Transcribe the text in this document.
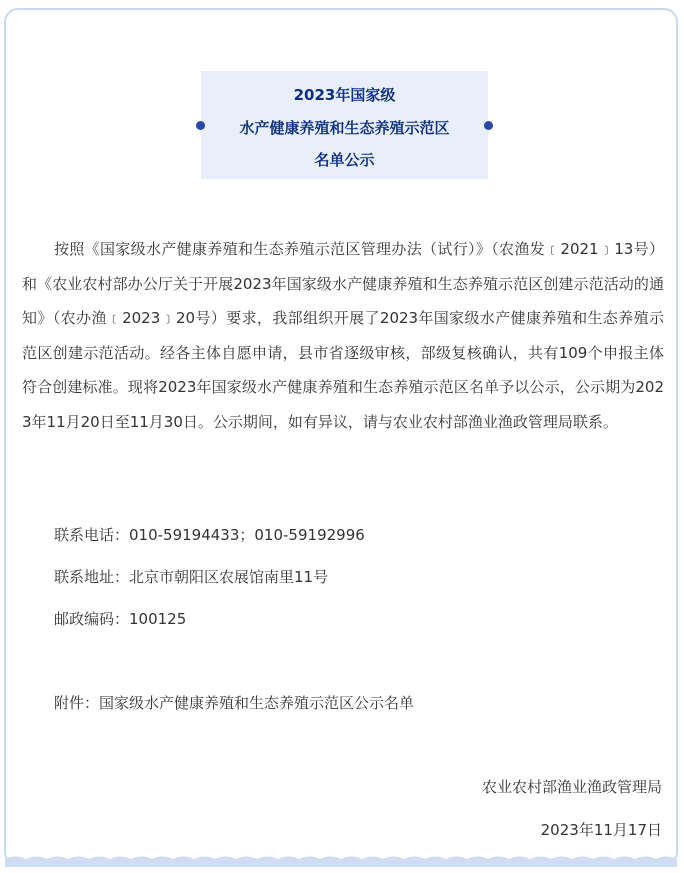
2023年国家级
水产健康养殖和生态养殖示范区
名单公示
按照《国家级水产健康养殖和生态养殖示范区管理办法（试行）》（农渔发﹝2021﹞13号）和《农业农村部办公厅关于开展2023年国家级水产健康养殖和生态养殖示范区创建示范活动的通知》（农办渔﹝2023﹞20号）要求，我部组织开展了2023年国家级水产健康养殖和生态养殖示范区创建示范活动。经各主体自愿申请，县市省逐级审核，部级复核确认，共有109个申报主体符合创建标准。现将2023年国家级水产健康养殖和生态养殖示范区名单予以公示，公示期为2023年11月20日至11月30日。公示期间，如有异议，请与农业农村部渔业渔政管理局联系。
联系电话：010-59194433；010-59192996
联系地址：北京市朝阳区农展馆南里11号
邮政编码：100125
附件：国家级水产健康养殖和生态养殖示范区公示名单
农业农村部渔业渔政管理局
2023年11月17日
